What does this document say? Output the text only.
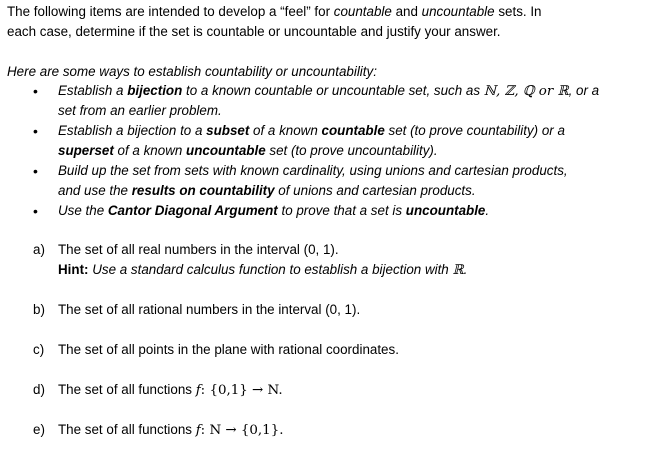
The following items are intended to develop a “feel” for countable and uncountable sets. In
each case, determine if the set is countable or uncountable and justify your answer.
Here are some ways to establish countability or uncountability:
• Establish a bijection to a known countable or uncountable set, such as ℕ, ℤ, ℚ or ℝ, or a
set from an earlier problem.
• Establish a bijection to a subset of a known countable set (to prove countability) or a
superset of a known uncountable set (to prove uncountability).
• Build up the set from sets with known cardinality, using unions and cartesian products,
and use the results on countability of unions and cartesian products.
• Use the Cantor Diagonal Argument to prove that a set is uncountable.
a) The set of all real numbers in the interval (0, 1).
Hint: Use a standard calculus function to establish a bijection with ℝ.
b) The set of all rational numbers in the interval (0, 1).
c) The set of all points in the plane with rational coordinates.
d) The set of all functions f: {0,1} → N.
e) The set of all functions f: N → {0,1}.
